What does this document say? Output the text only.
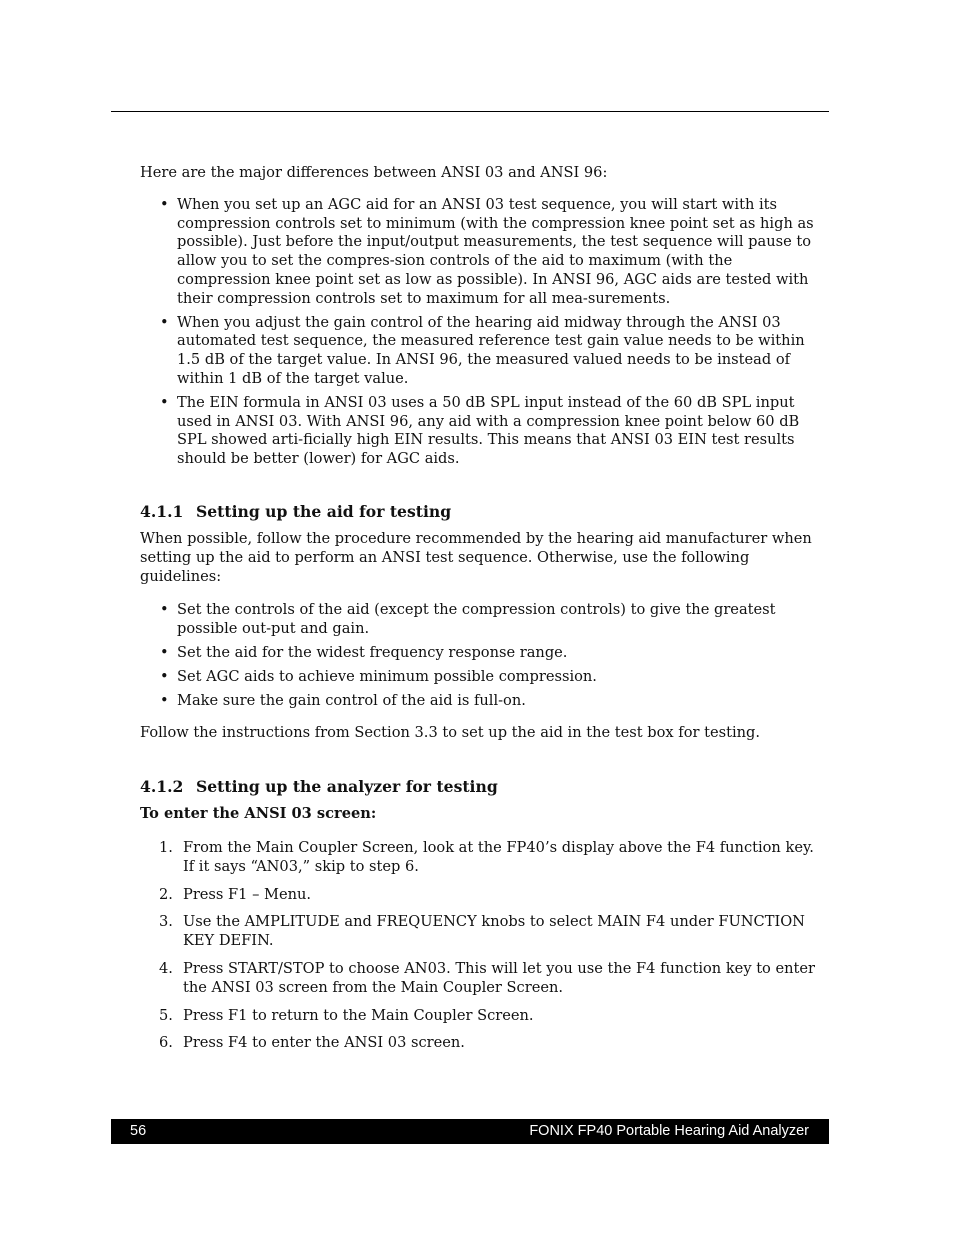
Here are the major differences between ANSI 03 and ANSI 96:

• When you set up an AGC aid for an ANSI 03 test sequence, you will start with its compression controls set to minimum (with the compression knee point set as high as possible). Just before the input/output measurements, the test sequence will pause to allow you to set the compres-sion controls of the aid to maximum (with the compression knee point set as low as possible). In ANSI 96, AGC aids are tested with their compression controls set to maximum for all mea-surements.
• When you adjust the gain control of the hearing aid midway through the ANSI 03 automated test sequence, the measured reference test gain value needs to be within 1.5 dB of the target value. In ANSI 96, the measured valued needs to be instead of within 1 dB of the target value.
• The EIN formula in ANSI 03 uses a 50 dB SPL input instead of the 60 dB SPL input used in ANSI 03. With ANSI 96, any aid with a compression knee point below 60 dB SPL showed arti-ficially high EIN results. This means that ANSI 03 EIN test results should be better (lower) for AGC aids.
4.1.1 Setting up the aid for testing

When possible, follow the procedure recommended by the hearing aid manufacturer when setting up the aid to perform an ANSI test sequence. Otherwise, use the following guidelines:

• Set the controls of the aid (except the compression controls) to give the greatest possible out-put and gain.
• Set the aid for the widest frequency response range.
• Set AGC aids to achieve minimum possible compression.
• Make sure the gain control of the aid is full-on.

Follow the instructions from Section 3.3 to set up the aid in the test box for testing.

4.1.2 Setting up the analyzer for testing

To enter the ANSI 03 screen:

1. From the Main Coupler Screen, look at the FP40’s display above the F4 function key. If it says “AN03,” skip to step 6.
2. Press F1 – Menu.
3. Use the AMPLITUDE and FREQUENCY knobs to select MAIN F4 under FUNCTION KEY DEFIN.
4. Press START/STOP to choose AN03. This will let you use the F4 function key to enter the ANSI 03 screen from the Main Coupler Screen.
5. Press F1 to return to the Main Coupler Screen.
6. Press F4 to enter the ANSI 03 screen.
56	FONIX FP40 Portable Hearing Aid Analyzer
